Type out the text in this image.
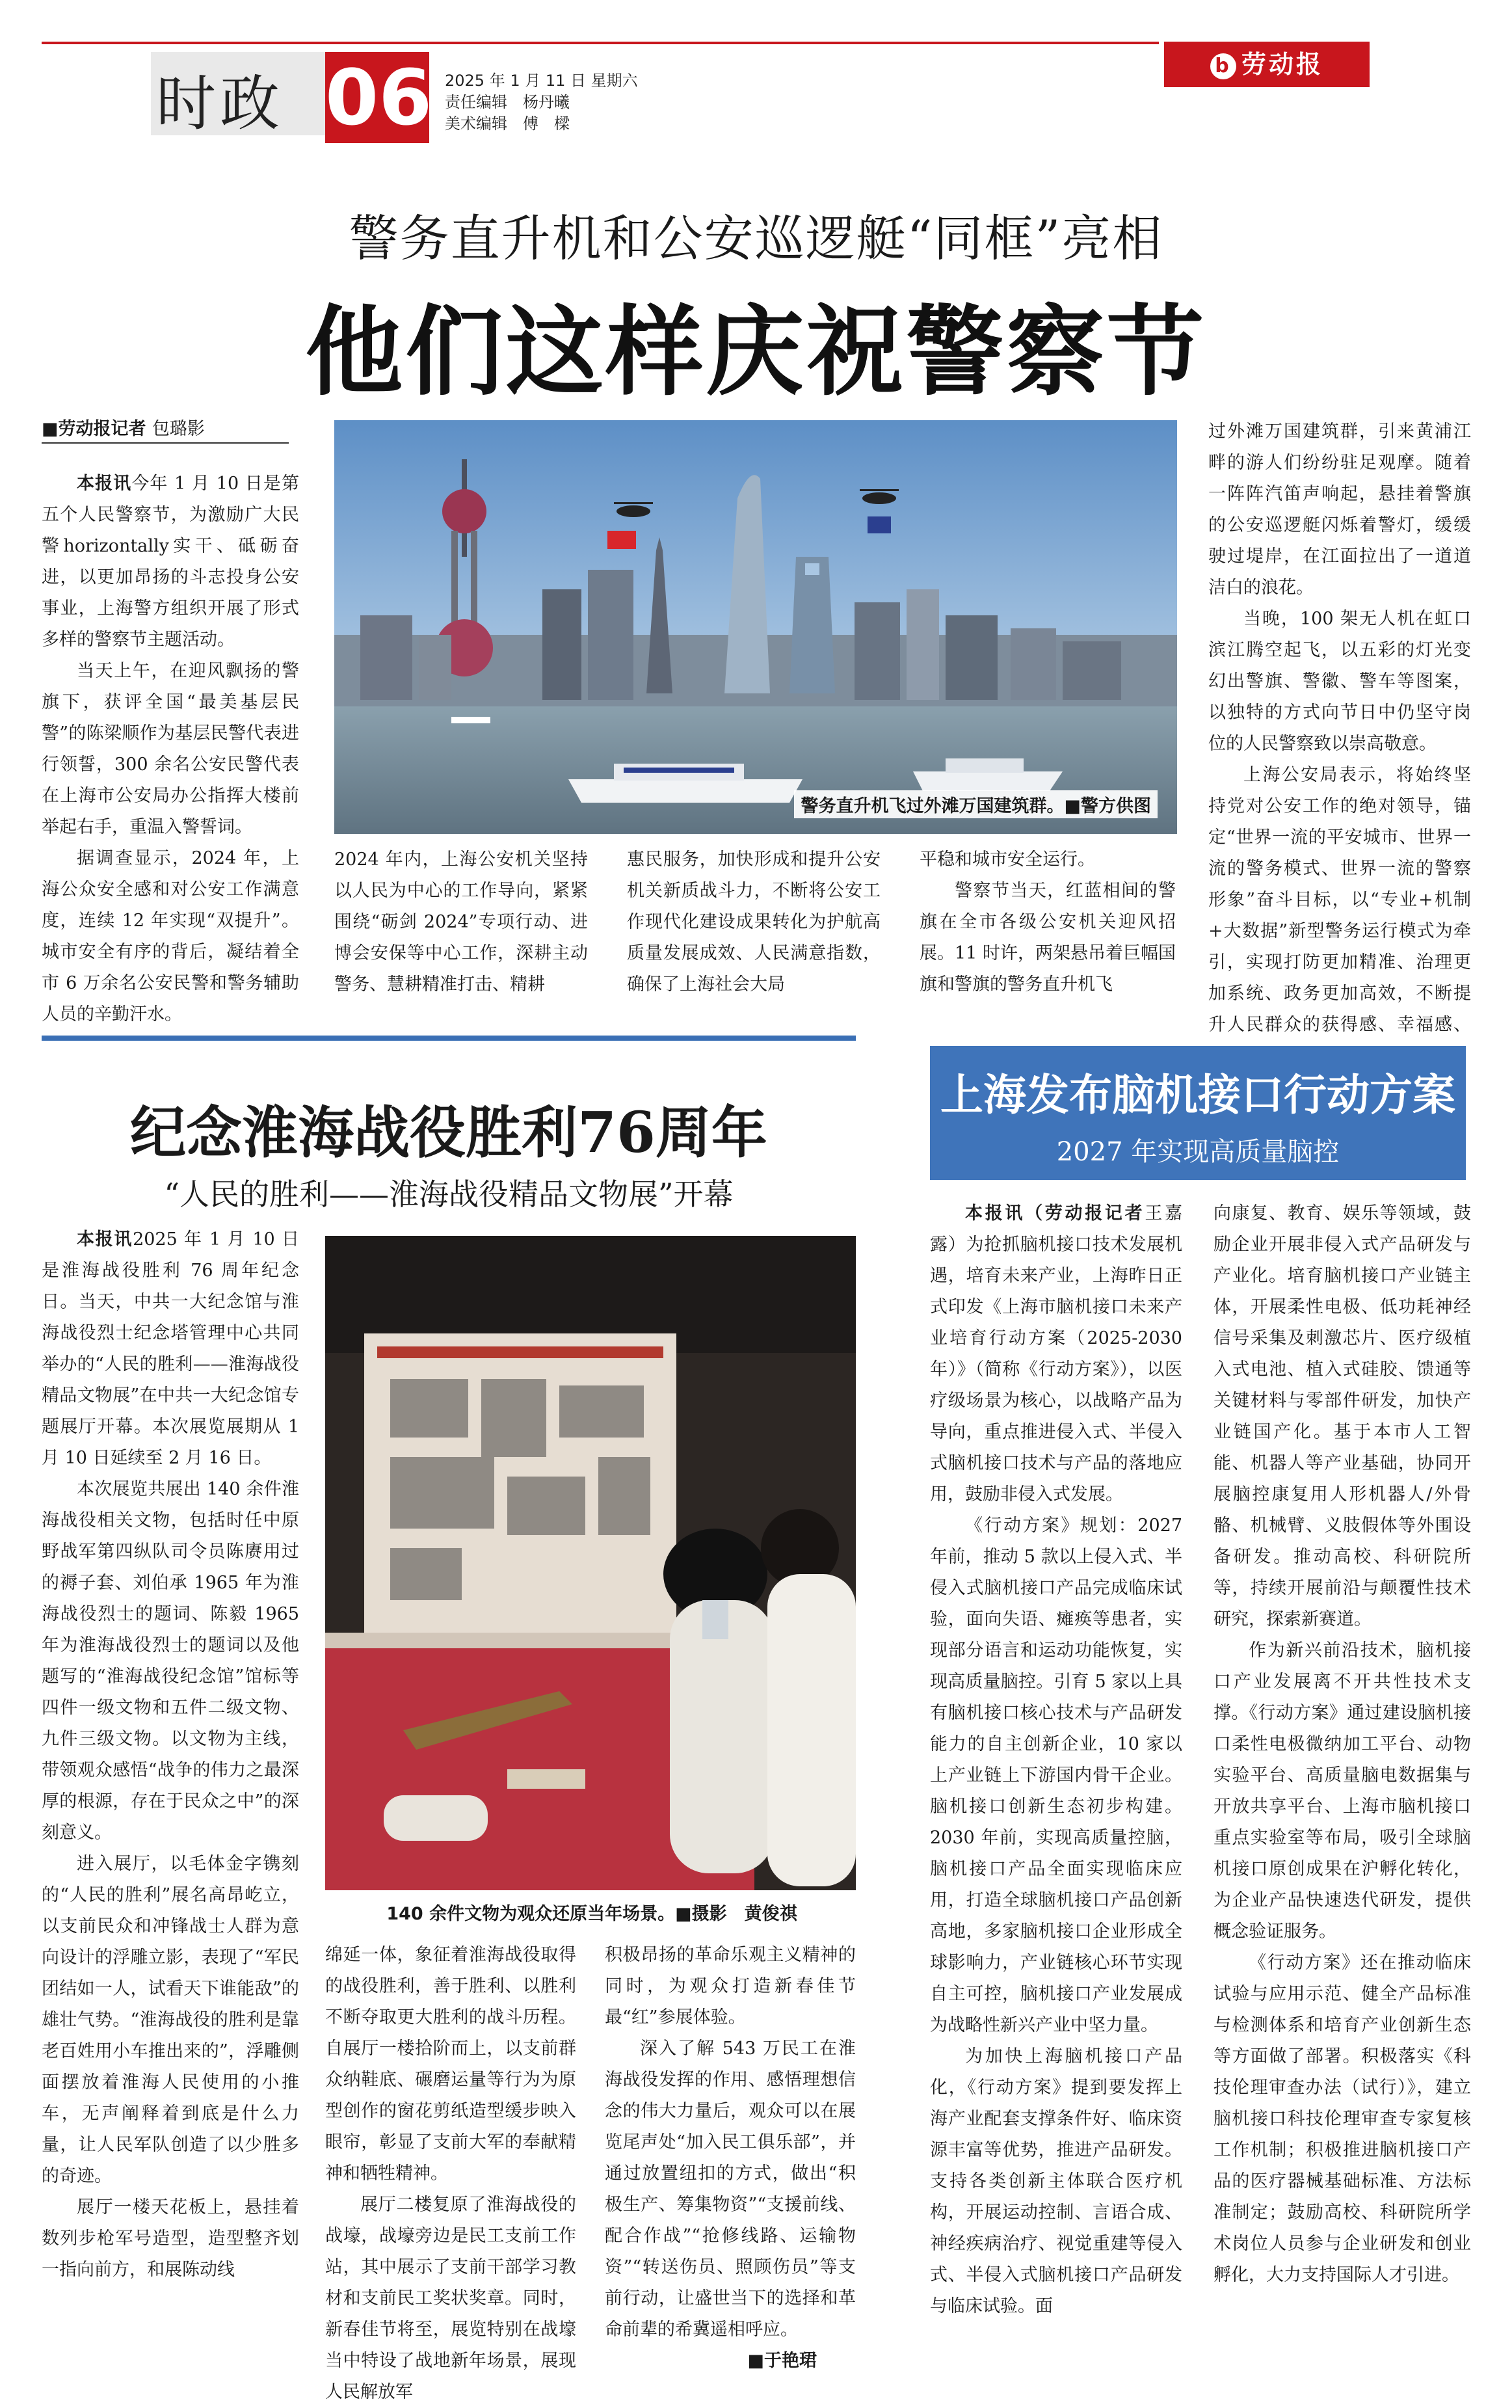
时政 06 2025 年 1 月 11 日 星期六
责任编辑　杨丹曦
美术编辑　傅　樑
b 劳动报
警务直升机和公安巡逻艇“同框”亮相
他们这样庆祝警察节
■劳动报记者 包璐影

本报讯今年 1 月 10 日是第五个人民警察节，为激励广大民警horizontally实干、砥砺奋进，以更加昂扬的斗志投身公安事业，上海警方组织开展了形式多样的警察节主题活动。

当天上午，在迎风飘扬的警旗下，获评全国“最美基层民警”的陈梁顺作为基层民警代表进行领誓，300 余名公安民警代表在上海市公安局办公指挥大楼前举起右手，重温入警誓词。

据调查显示，2024 年，上海公众安全感和对公安工作满意度，连续 12 年实现“双提升”。城市安全有序的背后，凝结着全市 6 万余名公安民警和警务辅助人员的辛勤汗水。

警务直升机飞过外滩万国建筑群。■警方供图

2024 年内，上海公安机关坚持以人民为中心的工作导向，紧紧围绕“砺剑 2024”专项行动、进博会安保等中心工作，深耕主动警务、慧耕精准打击、精耕

惠民服务，加快形成和提升公安机关新质战斗力，不断将公安工作现代化建设成果转化为护航高质量发展成效、人民满意指数，确保了上海社会大局

平稳和城市安全运行。

警察节当天，红蓝相间的警旗在全市各级公安机关迎风招展。11 时许，两架悬吊着巨幅国旗和警旗的警务直升机飞

过外滩万国建筑群，引来黄浦江畔的游人们纷纷驻足观摩。随着一阵阵汽笛声响起，悬挂着警旗的公安巡逻艇闪烁着警灯，缓缓驶过堤岸，在江面拉出了一道道洁白的浪花。

当晚，100 架无人机在虹口滨江腾空起飞，以五彩的灯光变幻出警旗、警徽、警车等图案，以独特的方式向节日中仍坚守岗位的人民警察致以崇高敬意。

上海公安局表示，将始终坚持党对公安工作的绝对领导，锚定“世界一流的平安城市、世界一流的警务模式、世界一流的警察形象”奋斗目标，以“专业+机制+大数据”新型警务运行模式为牵引，实现打防更加精准、治理更加系统、政务更加高效，不断提升人民群众的获得感、幸福感、

纪念淮海战役胜利76周年
“人民的胜利——淮海战役精品文物展”开幕

本报讯2025 年 1 月 10 日是淮海战役胜利 76 周年纪念日。当天，中共一大纪念馆与淮海战役烈士纪念塔管理中心共同举办的“人民的胜利——淮海战役精品文物展”在中共一大纪念馆专题展厅开幕。本次展览展期从 1 月 10 日延续至 2 月 16 日。

本次展览共展出 140 余件淮海战役相关文物，包括时任中原野战军第四纵队司令员陈赓用过的褥子套、刘伯承 1965 年为淮海战役烈士的题词、陈毅 1965 年为淮海战役烈士的题词以及他题写的“淮海战役纪念馆”馆标等四件一级文物和五件二级文物、九件三级文物。以文物为主线，带领观众感悟“战争的伟力之最深厚的根源，存在于民众之中”的深刻意义。

进入展厅，以毛体金字镌刻的“人民的胜利”展名高昂屹立，以支前民众和冲锋战士人群为意向设计的浮雕立影，表现了“军民团结如一人，试看天下谁能敌”的雄壮气势。“淮海战役的胜利是靠老百姓用小车推出来的”，浮雕侧面摆放着淮海人民使用的小推车，无声阐释着到底是什么力量，让人民军队创造了以少胜多的奇迹。

展厅一楼天花板上，悬挂着数列步枪军号造型，造型整齐划一指向前方，和展陈动线

140 余件文物为观众还原当年场景。■摄影　黄俊祺

绵延一体，象征着淮海战役取得的战役胜利，善于胜利、以胜利不断夺取更大胜利的战斗历程。自展厅一楼拾阶而上，以支前群众纳鞋底、碾磨运量等行为为原型创作的窗花剪纸造型缓步映入眼帘，彰显了支前大军的奉献精神和牺牲精神。

展厅二楼复原了淮海战役的战壕，战壕旁边是民工支前工作站，其中展示了支前干部学习教材和支前民工奖状奖章。同时，新春佳节将至，展览特别在战壕当中特设了战地新年场景，展现人民解放军

积极昂扬的革命乐观主义精神的同时，为观众打造新春佳节最“红”参展体验。

深入了解 543 万民工在淮海战役发挥的作用、感悟理想信念的伟大力量后，观众可以在展览尾声处“加入民工俱乐部”，并通过放置纽扣的方式，做出“积极生产、筹集物资”“支援前线、配合作战”“抢修线路、运输物资”“转送伤员、照顾伤员”等支前行动，让盛世当下的选择和革命前辈的希冀遥相呼应。

■于艳珺
上海发布脑机接口行动方案
2027 年实现高质量脑控

本报讯（劳动报记者王嘉露）为抢抓脑机接口技术发展机遇，培育未来产业，上海昨日正式印发《上海市脑机接口未来产业培育行动方案（2025-2030 年）》（简称《行动方案》），以医疗级场景为核心，以战略产品为导向，重点推进侵入式、半侵入式脑机接口技术与产品的落地应用，鼓励非侵入式发展。

《行动方案》规划：2027 年前，推动 5 款以上侵入式、半侵入式脑机接口产品完成临床试验，面向失语、瘫痪等患者，实现部分语言和运动功能恢复，实现高质量脑控。引育 5 家以上具有脑机接口核心技术与产品研发能力的自主创新企业，10 家以上产业链上下游国内骨干企业。脑机接口创新生态初步构建。2030 年前，实现高质量控脑，脑机接口产品全面实现临床应用，打造全球脑机接口产品创新高地，多家脑机接口企业形成全球影响力，产业链核心环节实现自主可控，脑机接口产业发展成为战略性新兴产业中坚力量。

为加快上海脑机接口产品化，《行动方案》提到要发挥上海产业配套支撑条件好、临床资源丰富等优势，推进产品研发。支持各类创新主体联合医疗机构，开展运动控制、言语合成、神经疾病治疗、视觉重建等侵入式、半侵入式脑机接口产品研发与临床试验。面

向康复、教育、娱乐等领域，鼓励企业开展非侵入式产品研发与产业化。培育脑机接口产业链主体，开展柔性电极、低功耗神经信号采集及刺激芯片、医疗级植入式电池、植入式硅胶、馈通等关键材料与零部件研发，加快产业链国产化。基于本市人工智能、机器人等产业基础，协同开展脑控康复用人形机器人/外骨骼、机械臂、义肢假体等外围设备研发。推动高校、科研院所等，持续开展前沿与颠覆性技术研究，探索新赛道。

作为新兴前沿技术，脑机接口产业发展离不开共性技术支撑。《行动方案》通过建设脑机接口柔性电极微纳加工平台、动物实验平台、高质量脑电数据集与开放共享平台、上海市脑机接口重点实验室等布局，吸引全球脑机接口原创成果在沪孵化转化，为企业产品快速迭代研发，提供概念验证服务。

《行动方案》还在推动临床试验与应用示范、健全产品标准与检测体系和培育产业创新生态等方面做了部署。积极落实《科技伦理审查办法（试行）》，建立脑机接口科技伦理审查专家复核工作机制；积极推进脑机接口产品的医疗器械基础标准、方法标准制定；鼓励高校、科研院所学术岗位人员参与企业研发和创业孵化，大力支持国际人才引进。
